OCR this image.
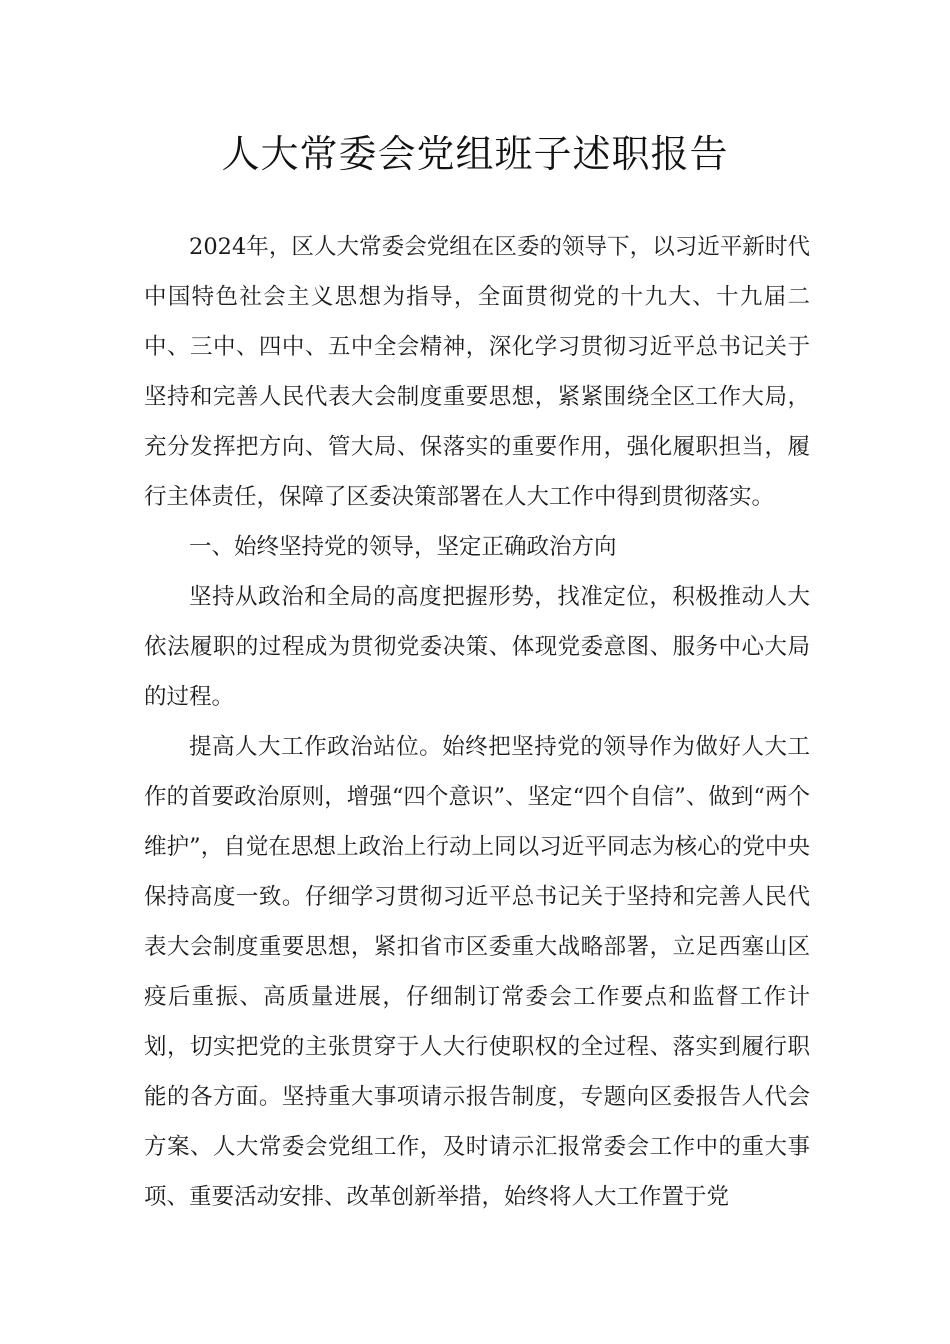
人大常委会党组班子述职报告

2024年，区人大常委会党组在区委的领导下，以习近平新时代中国特色社会主义思想为指导，全面贯彻党的十九大、十九届二中、三中、四中、五中全会精神，深化学习贯彻习近平总书记关于坚持和完善人民代表大会制度重要思想，紧紧围绕全区工作大局，充分发挥把方向、管大局、保落实的重要作用，强化履职担当，履行主体责任，保障了区委决策部署在人大工作中得到贯彻落实。

一、始终坚持党的领导，坚定正确政治方向

坚持从政治和全局的高度把握形势，找准定位，积极推动人大依法履职的过程成为贯彻党委决策、体现党委意图、服务中心大局的过程。

提高人大工作政治站位。始终把坚持党的领导作为做好人大工作的首要政治原则，增强“四个意识”、坚定“四个自信”、做到“两个维护”，自觉在思想上政治上行动上同以习近平同志为核心的党中央保持高度一致。仔细学习贯彻习近平总书记关于坚持和完善人民代表大会制度重要思想，紧扣省市区委重大战略部署，立足西塞山区疫后重振、高质量进展，仔细制订常委会工作要点和监督工作计划，切实把党的主张贯穿于人大行使职权的全过程、落实到履行职能的各方面。坚持重大事项请示报告制度，专题向区委报告人代会方案、人大常委会党组工作，及时请示汇报常委会工作中的重大事项、重要活动安排、改革创新举措，始终将人大工作置于党
